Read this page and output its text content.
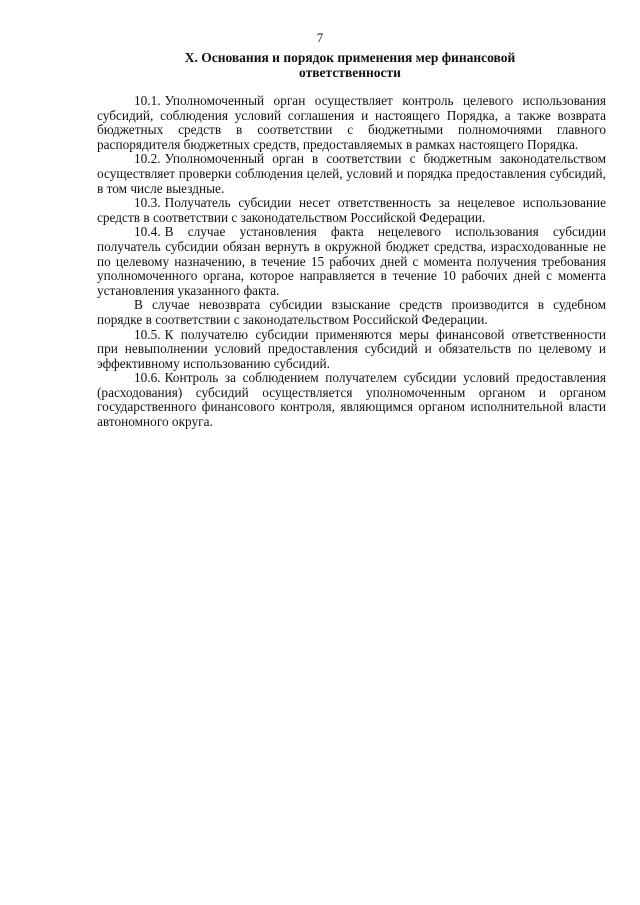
7
X. Основания и порядок применения мер финансовой ответственности

10.1. Уполномоченный орган осуществляет контроль целевого использования субсидий, соблюдения условий соглашения и настоящего Порядка, а также возврата бюджетных средств в соответствии с бюджетными полномочиями главного распорядителя бюджетных средств, предоставляемых в рамках настоящего Порядка.

10.2. Уполномоченный орган в соответствии с бюджетным законодательством осуществляет проверки соблюдения целей, условий и порядка предоставления субсидий, в том числе выездные.

10.3. Получатель субсидии несет ответственность за нецелевое использование средств в соответствии с законодательством Российской Федерации.

10.4. В случае установления факта нецелевого использования субсидии получатель субсидии обязан вернуть в окружной бюджет средства, израсходованные не по целевому назначению, в течение 15 рабочих дней с момента получения требования уполномоченного органа, которое направляется в течение 10 рабочих дней с момента установления указанного факта.

В случае невозврата субсидии взыскание средств производится в судебном порядке в соответствии с законодательством Российской Федерации.

10.5. К получателю субсидии применяются меры финансовой ответственности при невыполнении условий предоставления субсидий и обязательств по целевому и эффективному использованию субсидий.

10.6. Контроль за соблюдением получателем субсидии условий предоставления (расходования) субсидий осуществляется уполномоченным органом и органом государственного финансового контроля, являющимся органом исполнительной власти автономного округа.
